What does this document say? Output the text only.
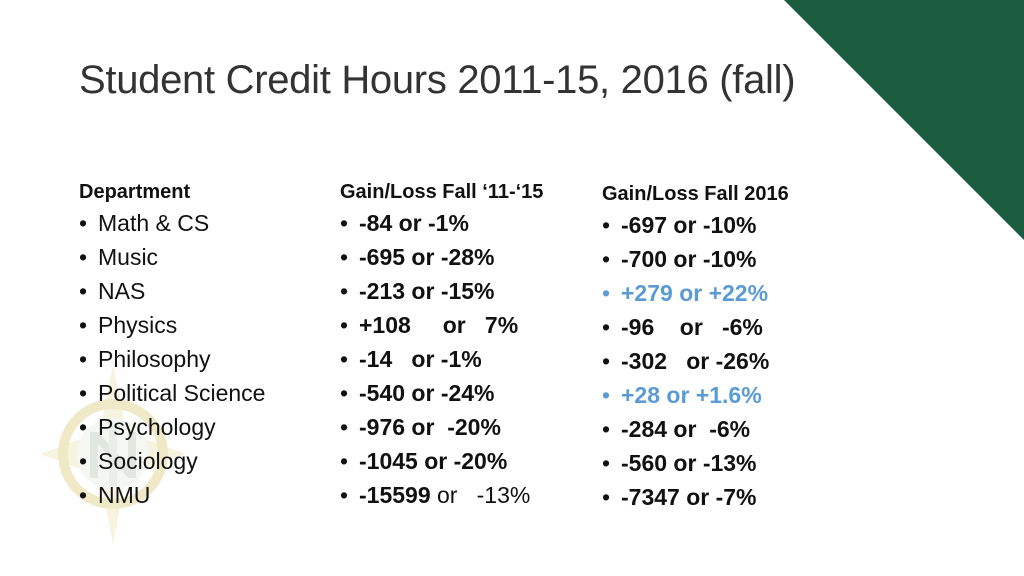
Student Credit Hours 2011-15, 2016 (fall)
Department
• Math & CS
• Music
• NAS
• Physics
• Philosophy
• Political Science
• Psychology
• Sociology
• NMU
Gain/Loss Fall ‘11-‘15
• -84 or -1%
• -695 or -28%
• -213 or -15%
• +108     or   7%
• -14   or -1%
• -540 or -24%
• -976 or  -20%
• -1045 or -20%
• -15599 or   -13%
Gain/Loss Fall 2016
• -697 or -10%
• -700 or -10%
• +279 or +22%
• -96    or   -6%
• -302   or -26%
• +28 or +1.6%
• -284 or  -6%
• -560 or -13%
• -7347 or -7%
